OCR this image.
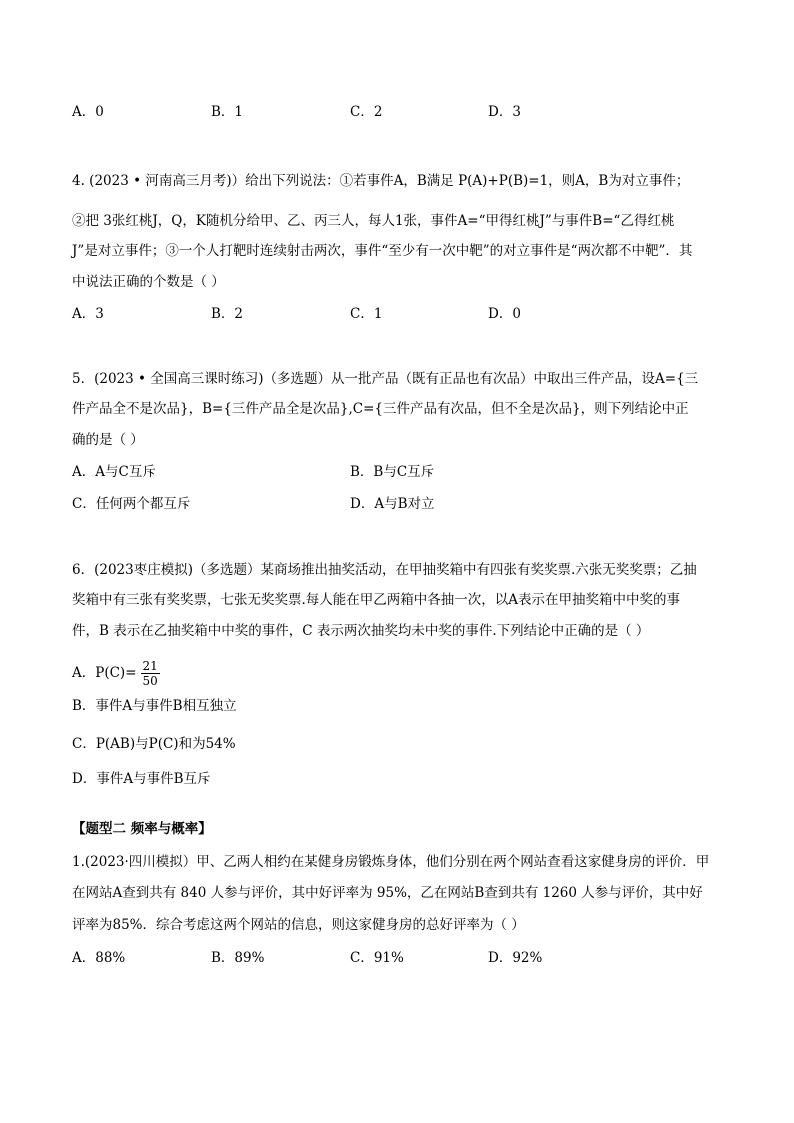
A．0	B．1	C．2	D．3
4. (2023 • 河南高三月考)）给出下列说法：①若事件A，B满足 P(A)+P(B)=1，则A，B为对立事件；
②把 3张红桃J，Q，K随机分给甲、乙、丙三人，每人1张，事件A=“甲得红桃J”与事件B=“乙得红桃
J”是对立事件；③一个人打靶时连续射击两次，事件“至少有一次中靶”的对立事件是“两次都不中靶”．其
中说法正确的个数是（ ）
A．3	B．2	C．1	D．0
5．(2023 • 全国高三课时练习)（多选题）从一批产品（既有正品也有次品）中取出三件产品，设A={三
件产品全不是次品}，B={三件产品全是次品},C={三件产品有次品，但不全是次品}，则下列结论中正
确的是（ ）
A．A与C互斥	B．B与C互斥
C．任何两个都互斥	D．A与B对立
6．(2023枣庄模拟)（多选题）某商场推出抽奖活动，在甲抽奖箱中有四张有奖奖票.六张无奖奖票；乙抽
奖箱中有三张有奖奖票，七张无奖奖票.每人能在甲乙两箱中各抽一次，以A表示在甲抽奖箱中中奖的事
件，B 表示在乙抽奖箱中中奖的事件，C 表示两次抽奖均未中奖的事件.下列结论中正确的是（ ）
A．$P(C)= \frac{21}{50}$
B．事件A与事件B相互独立
C．P(AB)与P(C)和为54%
D．事件A与事件B互斥
【题型二 频率与概率】
1.(2023·四川模拟）甲、乙两人相约在某健身房锻炼身体，他们分别在两个网站查看这家健身房的评价．甲
在网站A查到共有 840 人参与评价，其中好评率为 95%，乙在网站B查到共有 1260 人参与评价，其中好
评率为85%．综合考虑这两个网站的信息，则这家健身房的总好评率为（ ）
A．88%	B．89%	C．91%	D．92%
